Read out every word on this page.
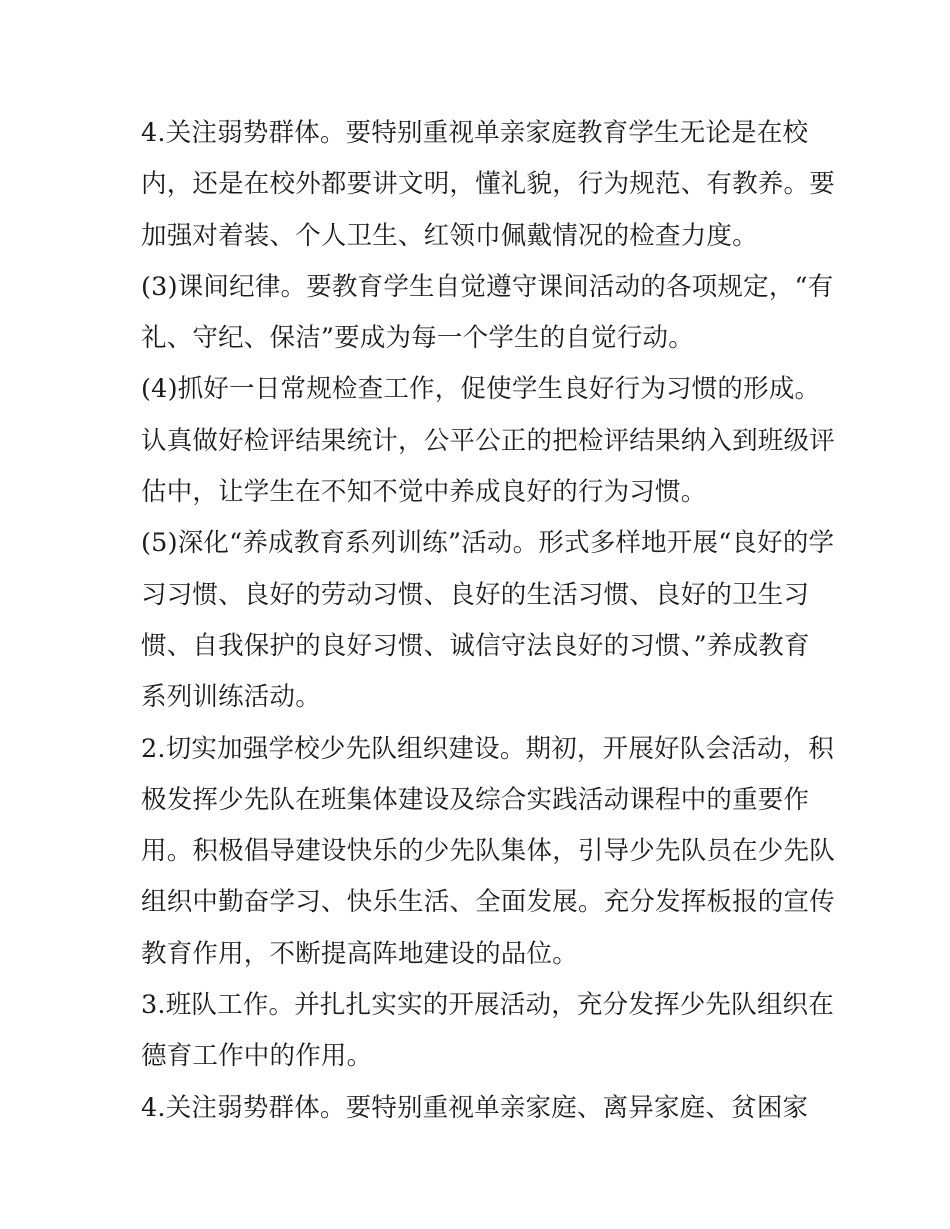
4.关注弱势群体。要特别重视单亲家庭教育学生无论是在校
内，还是在校外都要讲文明，懂礼貌，行为规范、有教养。要
加强对着装、个人卫生、红领巾佩戴情况的检查力度。
(3)课间纪律。要教育学生自觉遵守课间活动的各项规定，“有
礼、守纪、保洁”要成为每一个学生的自觉行动。
(4)抓好一日常规检查工作，促使学生良好行为习惯的形成。
认真做好检评结果统计，公平公正的把检评结果纳入到班级评
估中，让学生在不知不觉中养成良好的行为习惯。
(5)深化“养成教育系列训练”活动。形式多样地开展“良好的学
习习惯、良好的劳动习惯、良好的生活习惯、良好的卫生习
惯、自我保护的良好习惯、诚信守法良好的习惯、”养成教育
系列训练活动。
2.切实加强学校少先队组织建设。期初，开展好队会活动，积
极发挥少先队在班集体建设及综合实践活动课程中的重要作
用。积极倡导建设快乐的少先队集体，引导少先队员在少先队
组织中勤奋学习、快乐生活、全面发展。充分发挥板报的宣传
教育作用，不断提高阵地建设的品位。
3.班队工作。并扎扎实实的开展活动，充分发挥少先队组织在
德育工作中的作用。
4.关注弱势群体。要特别重视单亲家庭、离异家庭、贫困家
